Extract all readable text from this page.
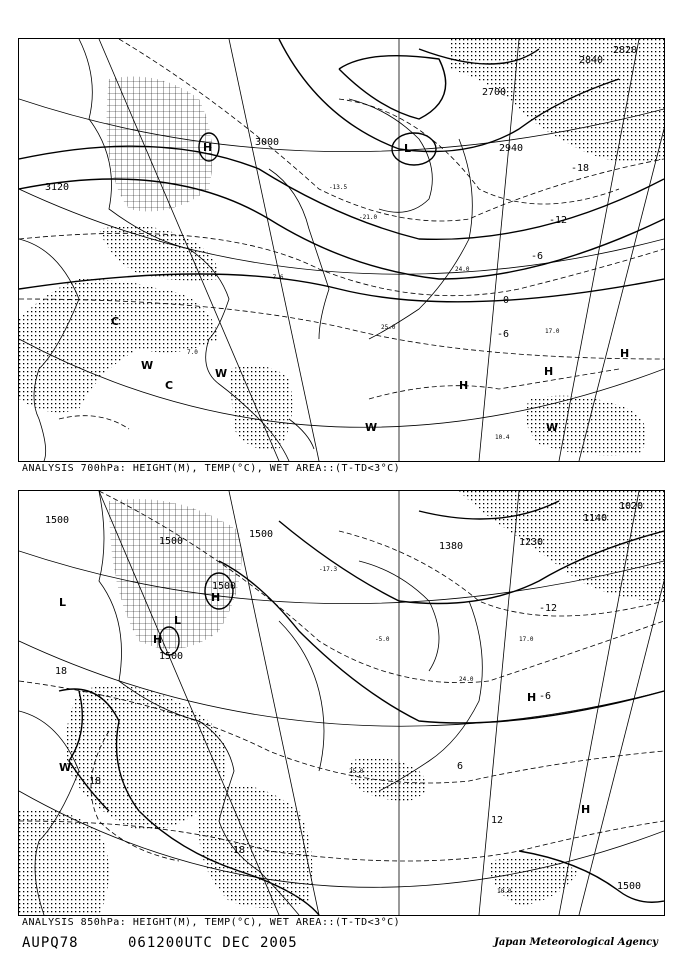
3120
3000
2700
2820
2840
2940
-18
-12
-6
0
-6
H	L
W
W
W	W
C
C	H
H
H
-13.5
-21.0
-7.6
24.0
25.0
17.0
7.0
10.4
ANALYSIS 700hPa: HEIGHT(M), TEMP(°C), WET AREA::(T-TD<3°C)
1500
1500
1500
1500
1500
1380	1230
1140
1020
1500
18
18
18
-12
-6
12
6
L
L
H
H
H
H
W
-17.3
-5.0	17.0
24.0
25.0
10.0
ANALYSIS 850hPa: HEIGHT(M), TEMP(°C), WET AREA::(T-TD<3°C)
AUPQ78	061200UTC DEC 2005	Japan Meteorological Agency
